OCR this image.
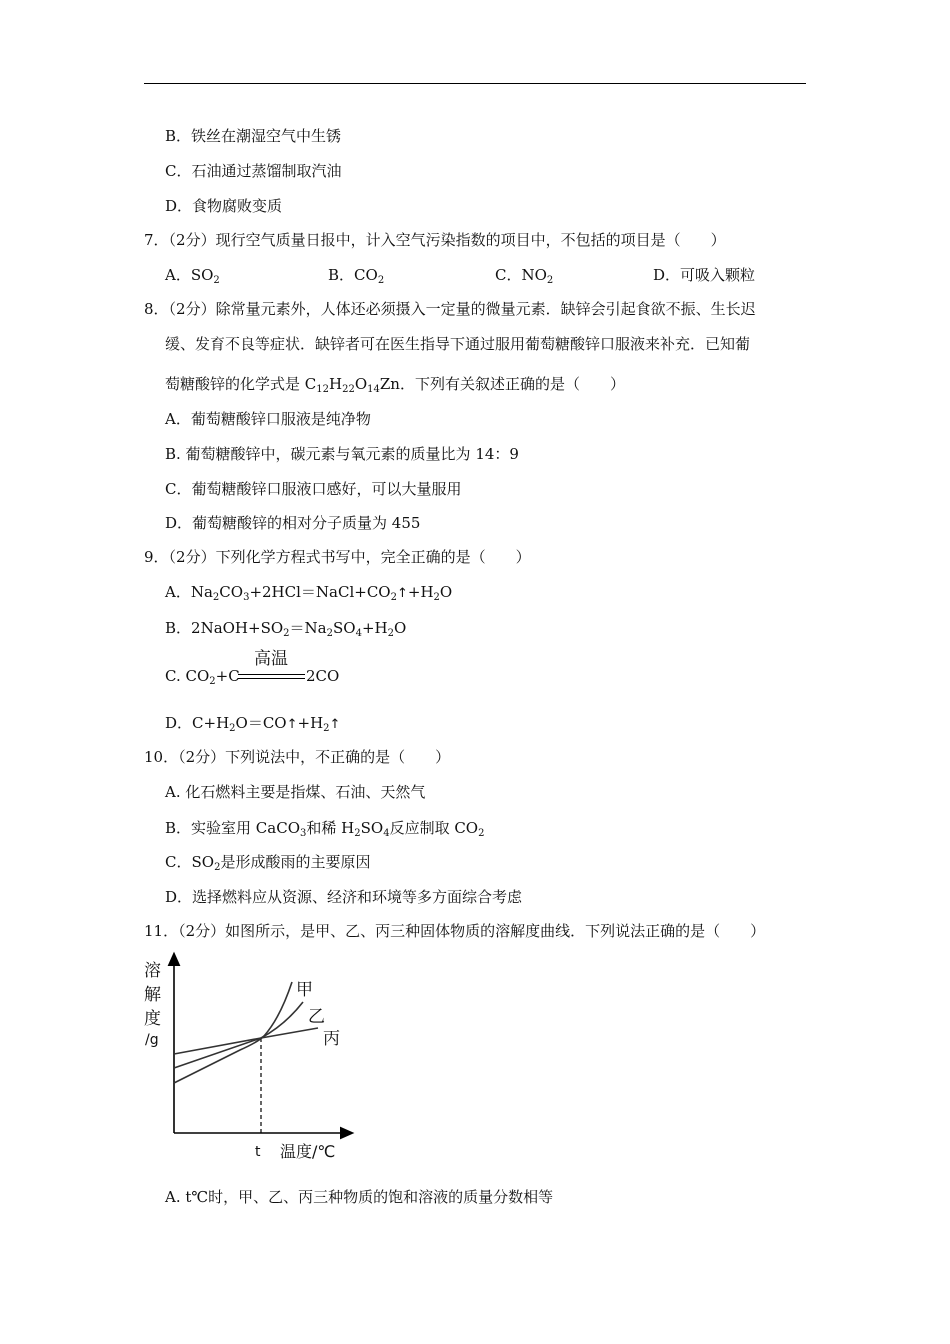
B．铁丝在潮湿空气中生锈
C．石油通过蒸馏制取汽油
D．食物腐败变质
7．（2分）现行空气质量日报中，计入空气污染指数的项目中，不包括的项目是（　　）
A．$SO_2$	B．$CO_2$	C．$NO_2$	D．可吸入颗粒
8．（2分）除常量元素外，人体还必须摄入一定量的微量元素．缺锌会引起食欲不振、生长迟
缓、发育不良等症状．缺锌者可在医生指导下通过服用葡萄糖酸锌口服液来补充．已知葡
萄糖酸锌的化学式是 $C_{12}H_{22}O_{14}Zn$．下列有关叙述正确的是（　　）
A．葡萄糖酸锌口服液是纯净物
B. 葡萄糖酸锌中，碳元素与氧元素的质量比为 14：9
C．葡萄糖酸锌口服液口感好，可以大量服用
D．葡萄糖酸锌的相对分子质量为 455
9．（2分）下列化学方程式书写中，完全正确的是（　　）
A．$Na_2CO_3+2HCl=NaCl+CO_2↑+H_2O$
B．$2NaOH+SO_2=Na_2SO_4+H_2O$
C. $CO_2+C$
高温
2CO
D．$C+H_2O=CO↑+H_2↑$
10．（2分）下列说法中，不正确的是（　　）
A. 化石燃料主要是指煤、石油、天然气
B．实验室用 CaCO$_3$和稀 $H_2SO_4$反应制取 $CO_2$
C．$SO_2$是形成酸雨的主要原因
D．选择燃料应从资源、经济和环境等多方面综合考虑
11．（2分）如图所示，是甲、乙、丙三种固体物质的溶解度曲线．下列说法正确的是（　　）
溶
解
度
/g
甲
乙
丙
t 温度/℃
A. t℃时，甲、乙、丙三种物质的饱和溶液的质量分数相等
